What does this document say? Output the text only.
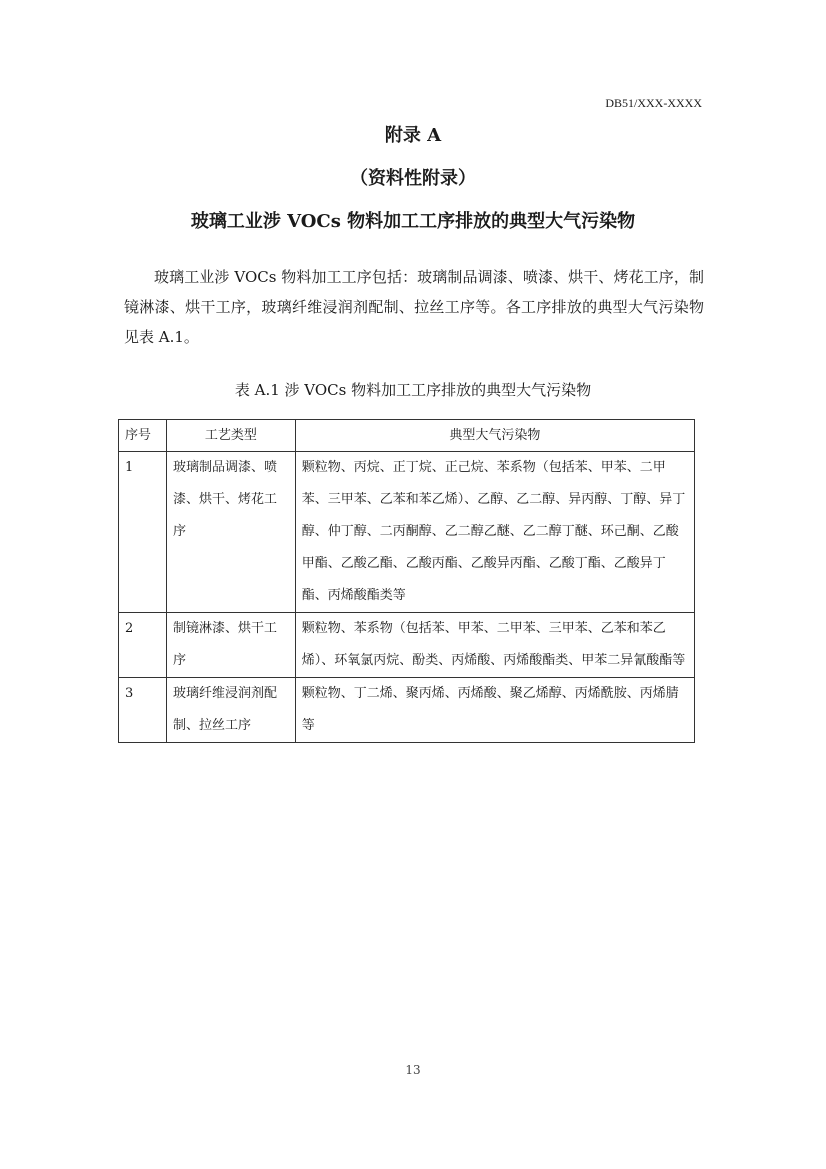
DB51/XXX-XXXX
附录 A
（资料性附录）
玻璃工业涉 VOCs 物料加工工序排放的典型大气污染物

玻璃工业涉 VOCs 物料加工工序包括：玻璃制品调漆、喷漆、烘干、烤花工序，制镜淋漆、烘干工序，玻璃纤维浸润剂配制、拉丝工序等。各工序排放的典型大气污染物见表 A.1。

表 A.1 涉 VOCs 物料加工工序排放的典型大气污染物
序号	工艺类型	典型大气污染物
1	玻璃制品调漆、喷漆、烘干、烤花工序	颗粒物、丙烷、正丁烷、正己烷、苯系物（包括苯、甲苯、二甲苯、三甲苯、乙苯和苯乙烯）、乙醇、乙二醇、异丙醇、丁醇、异丁醇、仲丁醇、二丙酮醇、乙二醇乙醚、乙二醇丁醚、环己酮、乙酸甲酯、乙酸乙酯、乙酸丙酯、乙酸异丙酯、乙酸丁酯、乙酸异丁酯、丙烯酸酯类等
2	制镜淋漆、烘干工序	颗粒物、苯系物（包括苯、甲苯、二甲苯、三甲苯、乙苯和苯乙烯）、环氧氯丙烷、酚类、丙烯酸、丙烯酸酯类、甲苯二异氰酸酯等
3	玻璃纤维浸润剂配制、拉丝工序	颗粒物、丁二烯、聚丙烯、丙烯酸、聚乙烯醇、丙烯酰胺、丙烯腈等
13
